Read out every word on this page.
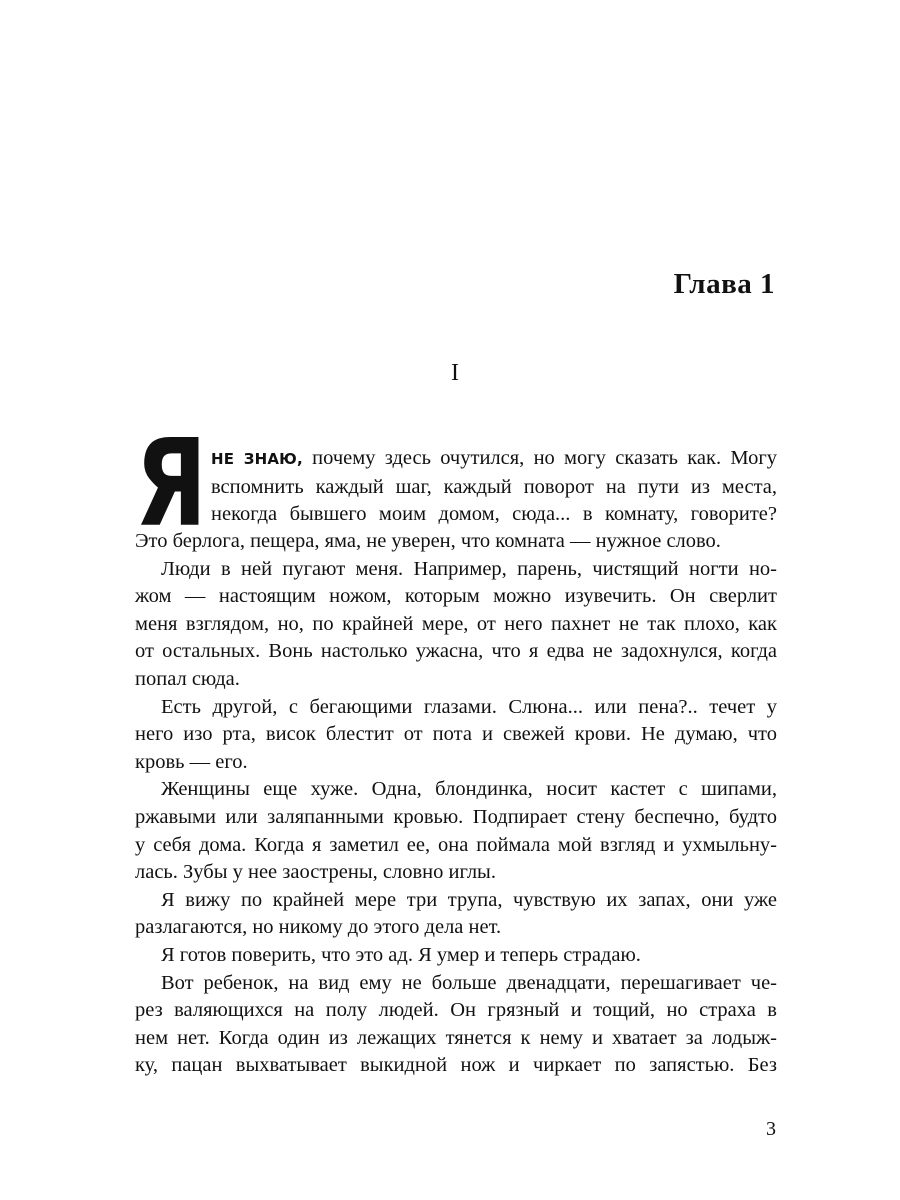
Глава 1
I
Я НЕ ЗНАЮ, почему здесь очутился, но могу сказать как. Могу
вспомнить каждый шаг, каждый поворот на пути из места,
некогда бывшего моим домом, сюда... в комнату, говорите?
Это берлога, пещера, яма, не уверен, что комната — нужное слово.
Люди в ней пугают меня. Например, парень, чистящий ногти но-
жом — настоящим ножом, которым можно изувечить. Он сверлит
меня взглядом, но, по крайней мере, от него пахнет не так плохо, как
от остальных. Вонь настолько ужасна, что я едва не задохнулся, когда
попал сюда.
Есть другой, с бегающими глазами. Слюна... или пена?.. течет у
него изо рта, висок блестит от пота и свежей крови. Не думаю, что
кровь — его.
Женщины еще хуже. Одна, блондинка, носит кастет с шипами,
ржавыми или заляпанными кровью. Подпирает стену беспечно, будто
у себя дома. Когда я заметил ее, она поймала мой взгляд и ухмыльну-
лась. Зубы у нее заострены, словно иглы.
Я вижу по крайней мере три трупа, чувствую их запах, они уже
разлагаются, но никому до этого дела нет.
Я готов поверить, что это ад. Я умер и теперь страдаю.
Вот ребенок, на вид ему не больше двенадцати, перешагивает че-
рез валяющихся на полу людей. Он грязный и тощий, но страха в
нем нет. Когда один из лежащих тянется к нему и хватает за лодыж-
ку, пацан выхватывает выкидной нож и чиркает по запястью. Без
3
